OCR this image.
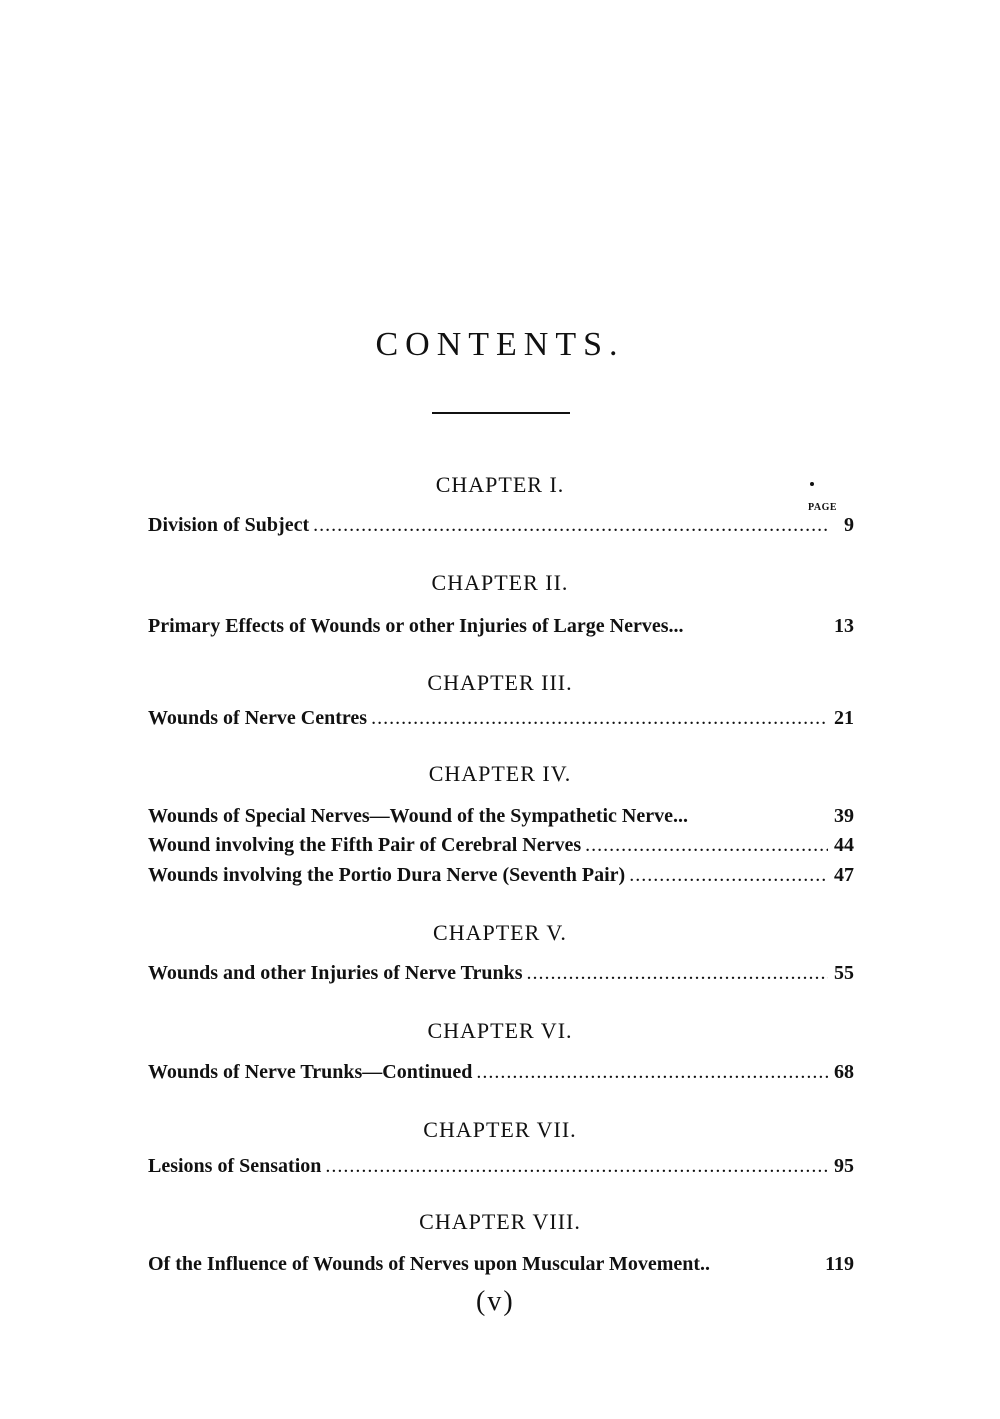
CONTENTS.
CHAPTER I.
PAGE
Division of Subject .....	9
CHAPTER II.
Primary Effects of Wounds or other Injuries of Large Nerves...	13
CHAPTER III.
Wounds of Nerve Centres .....	21
CHAPTER IV.
Wounds of Special Nerves—Wound of the Sympathetic Nerve...	39
Wound involving the Fifth Pair of Cerebral Nerves .....	44
Wounds involving the Portio Dura Nerve (Seventh Pair) .....	47
CHAPTER V.
Wounds and other Injuries of Nerve Trunks .....	55
CHAPTER VI.
Wounds of Nerve Trunks—Continued .....	68
CHAPTER VII.
Lesions of Sensation .....	95
CHAPTER VIII.
Of the Influence of Wounds of Nerves upon Muscular Movement..	119
(v)
